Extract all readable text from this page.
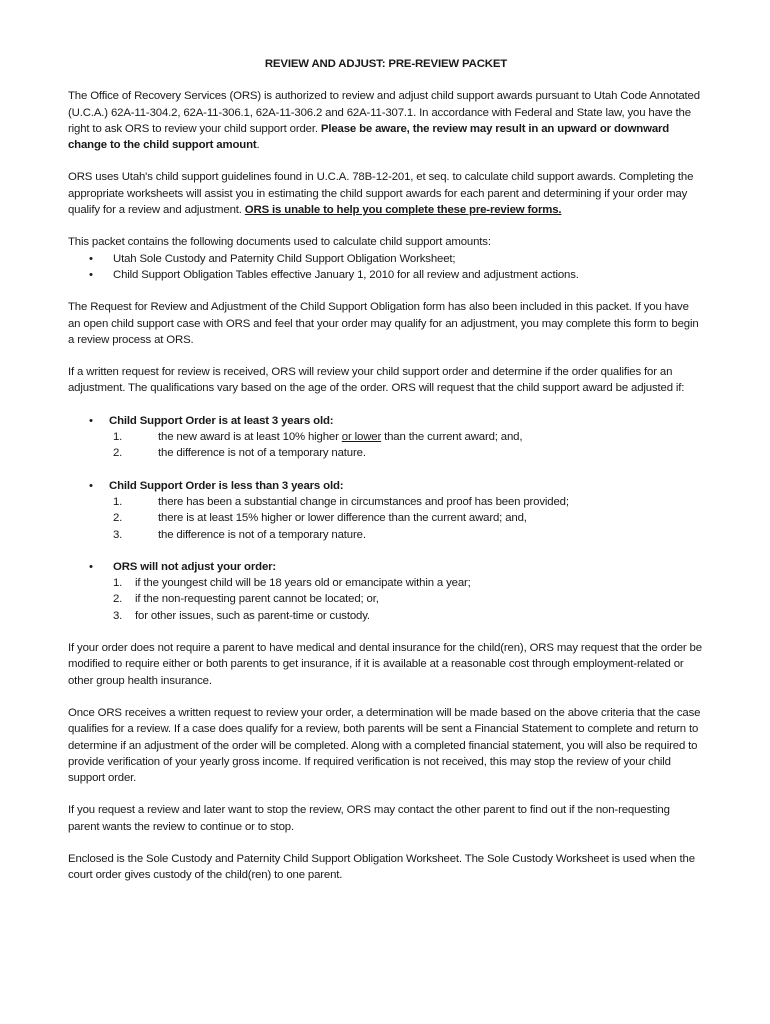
REVIEW AND ADJUST: PRE-REVIEW PACKET

The Office of Recovery Services (ORS) is authorized to review and adjust child support awards pursuant to Utah Code Annotated (U.C.A.) 62A-11-304.2, 62A-11-306.1, 62A-11-306.2 and 62A-11-307.1. In accordance with Federal and State law, you have the right to ask ORS to review your child support order. Please be aware, the review may result in an upward or downward change to the child support amount.

ORS uses Utah's child support guidelines found in U.C.A. 78B-12-201, et seq. to calculate child support awards. Completing the appropriate worksheets will assist you in estimating the child support awards for each parent and determining if your order may qualify for a review and adjustment. ORS is unable to help you complete these pre-review forms.

This packet contains the following documents used to calculate child support amounts:
• Utah Sole Custody and Paternity Child Support Obligation Worksheet;
• Child Support Obligation Tables effective January 1, 2010 for all review and adjustment actions.

The Request for Review and Adjustment of the Child Support Obligation form has also been included in this packet. If you have an open child support case with ORS and feel that your order may qualify for an adjustment, you may complete this form to begin a review process at ORS.

If a written request for review is received, ORS will review your child support order and determine if the order qualifies for an adjustment. The qualifications vary based on the age of the order. ORS will request that the child support award be adjusted if:

• Child Support Order is at least 3 years old:
1.	the new award is at least 10% higher or lower than the current award; and,
2.	the difference is not of a temporary nature.
• Child Support Order is less than 3 years old:
1.	there has been a substantial change in circumstances and proof has been provided;
2.	there is at least 15% higher or lower difference than the current award; and,
3.	the difference is not of a temporary nature.
• ORS will not adjust your order:
1. if the youngest child will be 18 years old or emancipate within a year;
2. if the non-requesting parent cannot be located; or,
3. for other issues, such as parent-time or custody.

If your order does not require a parent to have medical and dental insurance for the child(ren), ORS may request that the order be modified to require either or both parents to get insurance, if it is available at a reasonable cost through employment-related or other group health insurance.

Once ORS receives a written request to review your order, a determination will be made based on the above criteria that the case qualifies for a review. If a case does qualify for a review, both parents will be sent a Financial Statement to complete and return to determine if an adjustment of the order will be completed. Along with a completed financial statement, you will also be required to provide verification of your yearly gross income. If required verification is not received, this may stop the review of your child support order.

If you request a review and later want to stop the review, ORS may contact the other parent to find out if the non-requesting parent wants the review to continue or to stop.

Enclosed is the Sole Custody and Paternity Child Support Obligation Worksheet. The Sole Custody Worksheet is used when the court order gives custody of the child(ren) to one parent.
